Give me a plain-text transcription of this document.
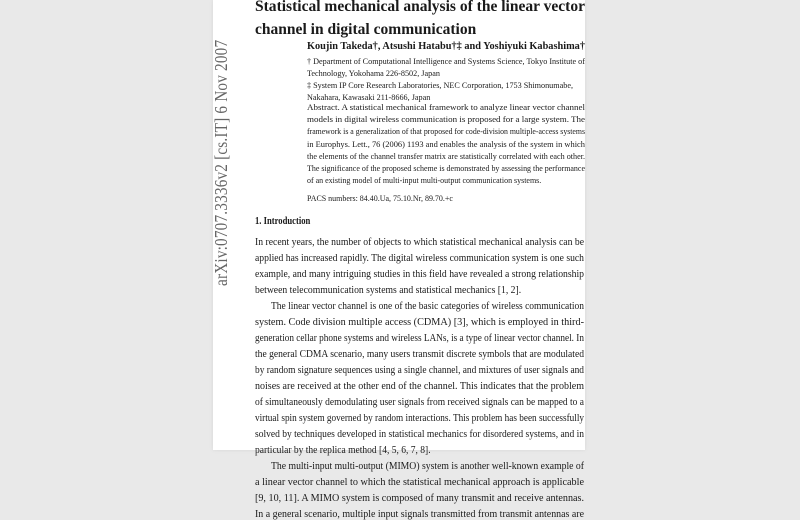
Statistical mechanical analysis of the linear vector
channel in digital communication
Koujin Takeda†, Atsushi Hatabu†‡ and Yoshiyuki Kabashima†
† Department of Computational Intelligence and Systems Science, Tokyo Institute of
Technology, Yokohama 226-8502, Japan
‡ System IP Core Research Laboratories, NEC Corporation, 1753 Shimonumabe,
Nakahara, Kawasaki 211-8666, Japan
Abstract. A statistical mechanical framework to analyze linear vector channel
models in digital wireless communication is proposed for a large system. The
framework is a generalization of that proposed for code-division multiple-access systems
in Europhys. Lett., 76 (2006) 1193 and enables the analysis of the system in which
the elements of the channel transfer matrix are statistically correlated with each other.
The significance of the proposed scheme is demonstrated by assessing the performance
of an existing model of multi-input multi-output communication systems.
PACS numbers: 84.40.Ua, 75.10.Nr, 89.70.+c
1. Introduction
In recent years, the number of objects to which statistical mechanical analysis can be
applied has increased rapidly. The digital wireless communication system is one such
example, and many intriguing studies in this field have revealed a strong relationship
between telecommunication systems and statistical mechanics [1, 2].
The linear vector channel is one of the basic categories of wireless communication
system. Code division multiple access (CDMA) [3], which is employed in third-
generation cellar phone systems and wireless LANs, is a type of linear vector channel. In
the general CDMA scenario, many users transmit discrete symbols that are modulated
by random signature sequences using a single channel, and mixtures of user signals and
noises are received at the other end of the channel. This indicates that the problem
of simultaneously demodulating user signals from received signals can be mapped to a
virtual spin system governed by random interactions. This problem has been successfully
solved by techniques developed in statistical mechanics for disordered systems, and in
particular by the replica method [4, 5, 6, 7, 8].
The multi-input multi-output (MIMO) system is another well-known example of
a linear vector channel to which the statistical mechanical approach is applicable
[9, 10, 11]. A MIMO system is composed of many transmit and receive antennas.
In a general scenario, multiple input signals transmitted from transmit antennas are
arXiv:0707.3336v2 [cs.IT] 6 Nov 2007
